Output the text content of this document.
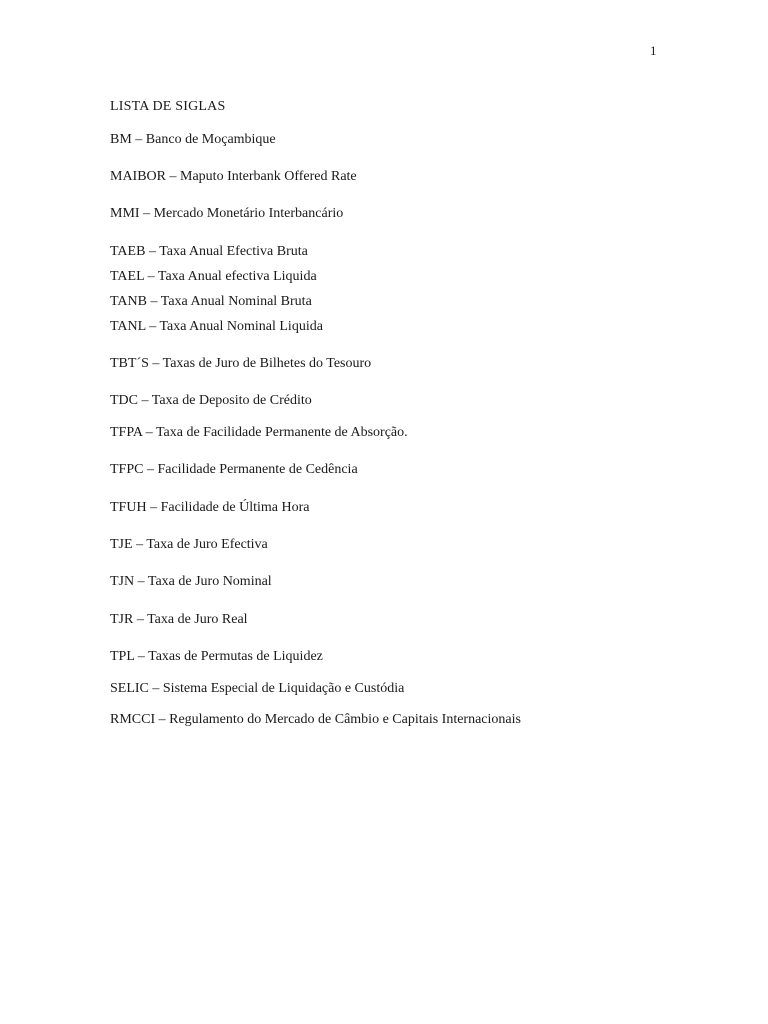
1
LISTA DE SIGLAS
BM – Banco de Moçambique
MAIBOR – Maputo Interbank Offered Rate
MMI – Mercado Monetário Interbancário
TAEB – Taxa Anual Efectiva Bruta
TAEL – Taxa Anual efectiva Liquida
TANB – Taxa Anual Nominal Bruta
TANL – Taxa Anual Nominal Liquida
TBT´S – Taxas de Juro de Bilhetes do Tesouro
TDC – Taxa de Deposito de Crédito
TFPA – Taxa de Facilidade Permanente de Absorção.
TFPC – Facilidade Permanente de Cedência
TFUH – Facilidade de Última Hora
TJE – Taxa de Juro Efectiva
TJN – Taxa de Juro Nominal
TJR – Taxa de Juro Real
TPL – Taxas de Permutas de Liquidez
SELIC – Sistema Especial de Liquidação e Custódia
RMCCI – Regulamento do Mercado de Câmbio e Capitais Internacionais
